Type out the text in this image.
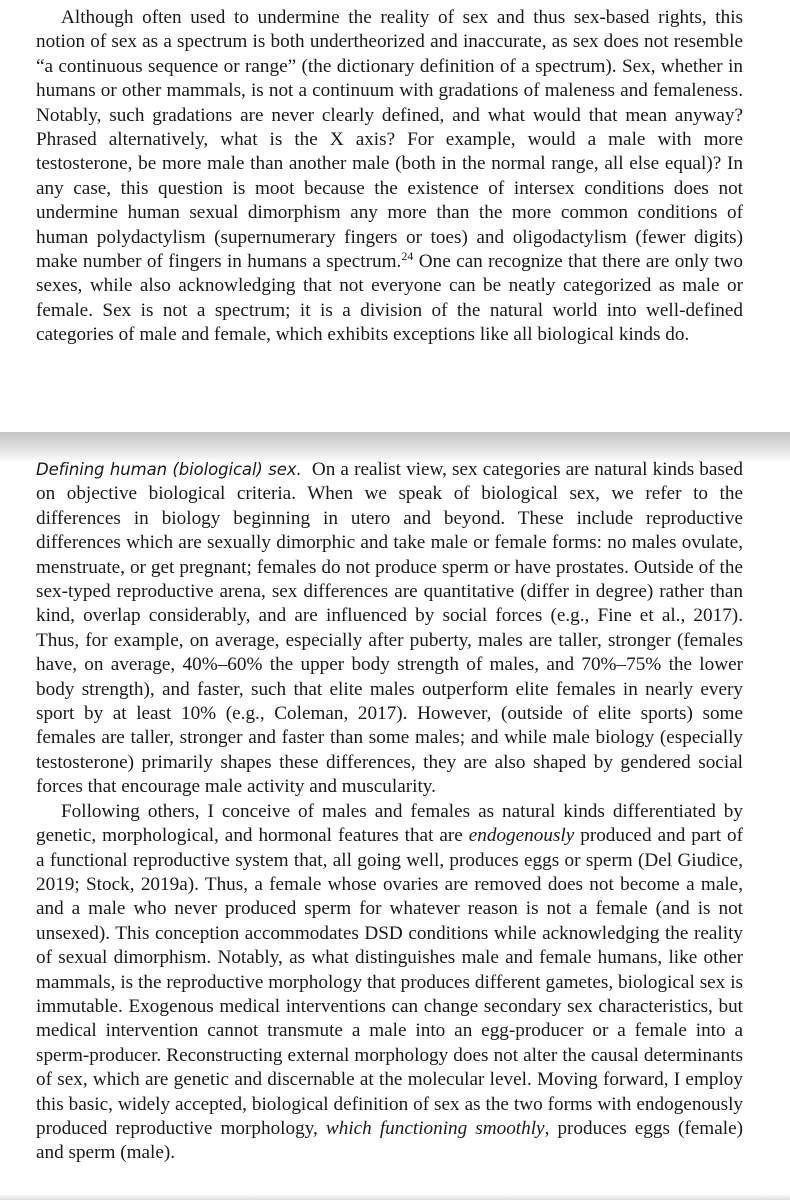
Although often used to undermine the reality of sex and thus sex-based rights, this notion of sex as a spectrum is both undertheorized and inaccurate, as sex does not resemble “a continuous sequence or range” (the dictionary definition of a spectrum). Sex, whether in humans or other mammals, is not a continuum with gradations of maleness and femaleness. Notably, such gradations are never clearly defined, and what would that mean anyway? Phrased alternatively, what is the X axis? For example, would a male with more testosterone, be more male than another male (both in the normal range, all else equal)? In any case, this question is moot because the existence of intersex conditions does not undermine human sexual dimorphism any more than the more common conditions of human polydactylism (supernumerary fingers or toes) and oligodactylism (fewer digits) make number of fingers in humans a spectrum.$^{24}$ One can recognize that there are only two sexes, while also acknowledging that not everyone can be neatly categorized as male or female. Sex is not a spectrum; it is a division of the natural world into well-defined categories of male and female, which exhibits exceptions like all biological kinds do.

Defining human (biological) sex. On a realist view, sex categories are natural kinds based on objective biological criteria. When we speak of biological sex, we refer to the differences in biology beginning in utero and beyond. These include reproductive differences which are sexually dimorphic and take male or female forms: no males ovulate, menstruate, or get pregnant; females do not produce sperm or have prostates. Outside of the sex-typed reproductive arena, sex differences are quantitative (differ in degree) rather than kind, overlap considerably, and are influenced by social forces (e.g., Fine et al., 2017). Thus, for example, on average, especially after puberty, males are taller, stronger (females have, on average, 40%–60% the upper body strength of males, and 70%–75% the lower body strength), and faster, such that elite males outperform elite females in nearly every sport by at least 10% (e.g., Coleman, 2017). However, (outside of elite sports) some females are taller, stronger and faster than some males; and while male biology (especially testosterone) primarily shapes these differences, they are also shaped by gendered social forces that encourage male activity and muscularity.

Following others, I conceive of males and females as natural kinds differentiated by genetic, morphological, and hormonal features that are endogenously produced and part of a functional reproductive system that, all going well, produces eggs or sperm (Del Giudice, 2019; Stock, 2019a). Thus, a female whose ovaries are removed does not become a male, and a male who never produced sperm for whatever reason is not a female (and is not unsexed). This conception accommodates DSD conditions while acknowledging the reality of sexual dimorphism. Notably, as what distinguishes male and female humans, like other mammals, is the reproductive morphology that produces different gametes, biological sex is immutable. Exogenous medical interventions can change secondary sex characteristics, but medical intervention cannot transmute a male into an egg-producer or a female into a sperm-producer. Reconstructing external morphology does not alter the causal determinants of sex, which are genetic and discernable at the molecular level. Moving forward, I employ this basic, widely accepted, biological definition of sex as the two forms with endogenously produced reproductive morphology, which functioning smoothly, produces eggs (female) and sperm (male).
